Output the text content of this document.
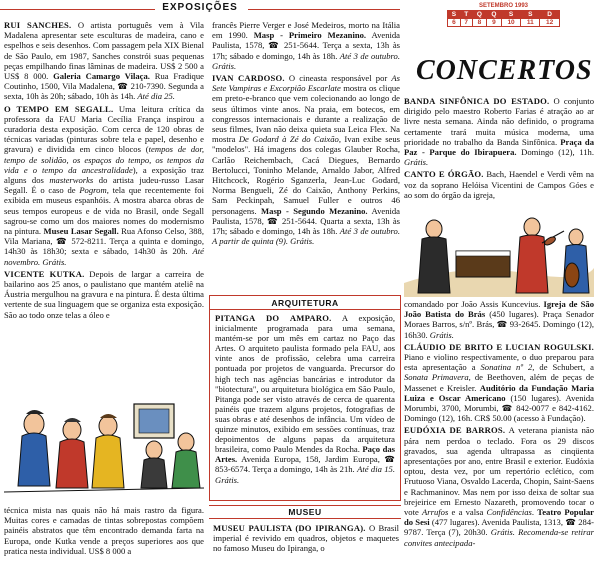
EXPOSIÇÕES

RUI SANCHES. O artista português vem à Vila Madalena apresentar sete esculturas de madeira, cano e espelhos e seis desenhos. Com passagem pela XIX Bienal de São Paulo, em 1987, Sanches constrói suas pequenas peças empilhando finas lâminas de madeira. US$ 2 500 a US$ 8 000. Galeria Camargo Vilaça. Rua Fradique Coutinho, 1500, Vila Madalena, ☎ 210-7390. Segunda a sexta, 10h às 20h; sábado, 10h às 14h. Até dia 25.

O TEMPO EM SEGALL. Uma leitura crítica da professora da FAU Maria Cecília França inspirou a curadoria desta exposição. Com cerca de 120 obras de técnicas variadas (pinturas sobre tela e papel, desenho e gravura) e dividida em cinco blocos (tempos de dor, tempo de solidão, os espaços do tempo, os tempos da vida e o tempo da ancestralidade), a exposição traz alguns dos masterworks do artista judeu-russo Lasar Segall. É o caso de Pogrom, tela que recentemente foi exibida em museus espanhóis. A mostra abarca obras de seus tempos europeus e de vida no Brasil, onde Segall sagrou-se como um dos maiores nomes do modernismo na pintura. Museu Lasar Segall. Rua Afonso Celso, 388, Vila Mariana, ☎ 572-8211. Terça a quinta e domingo, 14h30 às 18h30; sexta e sábado, 14h30 às 20h. Até novembro. Grátis.

VICENTE KUTKA. Depois de largar a carreira de bailarino aos 25 anos, o paulistano que mantém ateliê na Áustria mergulhou na gravura e na pintura. É desta última vertente de sua linguagem que se organiza esta exposição. São ao todo onze telas a óleo e

técnica mista nas quais não há mais rastro da figura. Muitas cores e camadas de tintas sobrepostas compõem painéis abstratos que têm encontrado demanda farta na Europa, onde Kutka vende a preços superiores aos que pratica nesta individual. US$ 8 000 a

francês Pierre Verger e José Medeiros, morto na Itália em 1990. Masp - Primeiro Mezanino. Avenida Paulista, 1578, ☎ 251-5644. Terça a sexta, 13h às 17h; sábado e domingo, 14h às 18h. Até 3 de outubro. Grátis.

IVAN CARDOSO. O cineasta responsável por As Sete Vampiras e Excorpião Escarlate mostra os clique em preto-e-branco que vem colecionando ao longo de seus últimos vinte anos. Na praia, em botecos, em congressos internacionais e durante a realização de seus filmes, Ivan não deixa quieta sua Leica Flex. Na mostra De Godard à Zé do Caixão, Ivan exibe seus "modelos". Há imagens dos colegas Glauber Rocha, Carlão Reichembach, Cacá Diegues, Bernardo Bertolucci, Toninho Melande, Arnaldo Jabor, Alfred Hitchcock, Rogério Sganzerla, Jean-Luc Godard, Norma Bengueli, Zé do Caixão, Anthony Perkins, Sam Peckinpah, Samuel Fuller e outros 46 personagens. Masp - Segundo Mezanino. Avenida Paulista, 1578, ☎ 251-5644. Quarta a sexta, 13h às 17h; sábado e domingo, 14h às 18h. Até 3 de outubro. A partir de quinta (9). Grátis.

ARQUITETURA
PITANGA DO AMPARO. A exposição, inicialmente programada para uma semana, mantém-se por um mês em cartaz no Paço das Artes. O arquiteto paulista formado pela FAU, aos vinte anos de profissão, celebra uma carreira pontuada por projetos de vanguarda. Precursor do high tech nas agências bancárias e introdutor da "biotectura", ou arquitetura biológica em São Paulo, Pitanga pode ser visto através de cerca de quarenta painéis que trazem alguns projetos, fotografias de suas obras e até desenhos de infância. Um vídeo de quinze minutos, exibido em sessões contínuas, traz depoimentos de alguns papas da arquitetura brasileira, como Paulo Mendes da Rocha. Paço das Artes. Avenida Europa, 158, Jardim Europa, ☎ 853-6574. Terça a domingo, 14h às 21h. Até dia 15. Grátis.
MUSEU

MUSEU PAULISTA (DO IPIRANGA). O Brasil imperial é revivido em quadros, objetos e maquetes no famoso Museu do Ipiranga, o

SETEMBRO 1993
S	T	Q	Q	S	S	D
6	7	8	9	10	11	12
CONCERTOS

BANDA SINFÔNICA DO ESTADO. O conjunto dirigido pelo maestro Roberto Farias é atração ao ar livre nesta semana. Ainda não definido, o programa certamente trará muita música moderna, uma prioridade no trabalho da Banda Sinfônica. Praça da Paz - Parque do Ibirapuera. Domingo (12), 11h. Grátis.

CANTO E ÓRGÃO. Bach, Haendel e Verdi vêm na voz da soprano Helóisa Vicentini de Campos Góes e ao som do órgão da igreja,

comandado por João Assis Kuncevius. Igreja de São João Batista do Brás (450 lugares). Praça Senador Moraes Barros, s/nº. Brás, ☎ 93-2645. Domingo (12), 16h30. Grátis.

CLÁUDIO DE BRITO E LUCIAN ROGULSKI. Piano e violino respectivamente, o duo preparou para esta apresentação a Sonatina nº 2, de Schubert, a Sonata Primavera, de Beethoven, além de peças de Massenet e Kreisler. Auditório da Fundação Maria Luiza e Oscar Americano (150 lugares). Avenida Morumbi, 3700, Morumbi, ☎ 842-0077 e 842-4162. Domingo (12), 16h. CR$ 50.00 (acesso à Fundação).

EUDÓXIA DE BARROS. A veterana pianista não pára nem perdoa o teclado. Fora os 29 discos gravados, sua agenda ultrapassa as cinqüenta apresentações por ano, entre Brasil e exterior. Eudóxia optou, desta vez, por um repertório eclético, com Frutuoso Viana, Osvaldo Lacerda, Chopin, Saint-Saens e Rachmaninov. Mas nem por isso deixa de soltar sua brejeirice em Ernesto Nazareth, promovendo tocar o vote Arrufos e a valsa Confidências. Teatro Popular do Sesi (477 lugares). Avenida Paulista, 1313, ☎ 284-9787. Terça (7), 20h30. Grátis. Recomenda-se retirar convites antecipada-
